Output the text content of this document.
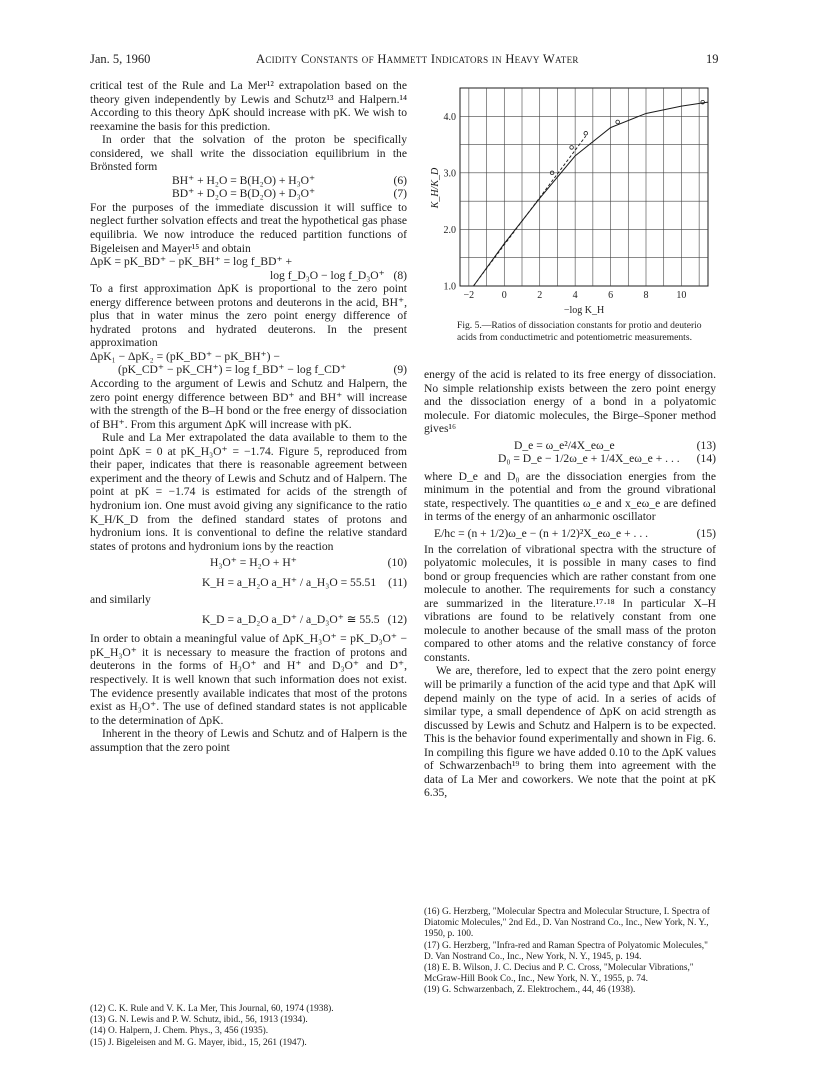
Jan. 5, 1960	Acidity Constants of Hammett Indicators in Heavy Water	19

critical test of the Rule and La Mer¹² extrapolation based on the theory given independently by Lewis and Schutz¹³ and Halpern.¹⁴ According to this theory ΔpK should increase with pK. We wish to reexamine the basis for this prediction.

In order that the solvation of the proton be specifically considered, we shall write the dissociation equilibrium in the Brönsted form

BH⁺ + H₂O = B(H₂O) + H₃O⁺	(6)
BD⁺ + D₂O = B(D₂O) + D₃O⁺	(7)

For the purposes of the immediate discussion it will suffice to neglect further solvation effects and treat the hypothetical gas phase equilibria. We now introduce the reduced partition functions of Bigeleisen and Mayer¹⁵ and obtain

ΔpK = pK_BD⁺ − pK_BH⁺ = log f_BD⁺ +
log f_D₃O − log f_D₃O⁺ (8)

To a first approximation ΔpK is proportional to the zero point energy difference between protons and deuterons in the acid, BH⁺, plus that in water minus the zero point energy difference of hydrated protons and hydrated deuterons. In the present approximation

ΔpK₁ − ΔpK₂ = (pK_BD⁺ − pK_BH⁺) −
(pK_CD⁺ − pK_CH⁺) = log f_BD⁺ − log f_CD⁺	(9)

According to the argument of Lewis and Schutz and Halpern, the zero point energy difference between BD⁺ and BH⁺ will increase with the strength of the B–H bond or the free energy of dissociation of BH⁺. From this argument ΔpK will increase with pK.

Rule and La Mer extrapolated the data available to them to the point ΔpK = 0 at pK_H₃O⁺ = −1.74. Figure 5, reproduced from their paper, indicates that there is reasonable agreement between experiment and the theory of Lewis and Schutz and of Halpern. The point at pK = −1.74 is estimated for acids of the strength of hydronium ion. One must avoid giving any significance to the ratio K_H/K_D from the defined standard states of protons and hydronium ions. It is conventional to define the relative standard states of protons and hydronium ions by the reaction

H₃O⁺ = H₂O + H⁺	(10)
K_H = a_H₂O a_H⁺ / a_H₃O = 55.51	(11)

and similarly

K_D = a_D₂O a_D⁺ / a_D₃O⁺ ≅ 55.5 (12)

In order to obtain a meaningful value of ΔpK_H₃O⁺ = pK_D₃O⁺ − pK_H₃O⁺ it is necessary to measure the fraction of protons and deuterons in the forms of H₃O⁺ and H⁺ and D₃O⁺ and D⁺, respectively. It is well known that such information does not exist. The evidence presently available indicates that most of the protons exist as H₃O⁺. The use of defined standard states is not applicable to the determination of ΔpK.

Inherent in the theory of Lewis and Schutz and of Halpern is the assumption that the zero point

(12) C. K. Rule and V. K. La Mer, This Journal, 60, 1974 (1938).

(13) G. N. Lewis and P. W. Schutz, ibid., 56, 1913 (1934).

(14) O. Halpern, J. Chem. Phys., 3, 456 (1935).

(15) J. Bigeleisen and M. G. Mayer, ibid., 15, 261 (1947).

−2	0	2	4	6	8	10
1.0
2.0
3.0
4.0
K_H/K_D
−log K_H
Fig. 5.—Ratios of dissociation constants for protio and deuterio acids from conductimetric and potentiometric measurements.

energy of the acid is related to its free energy of dissociation. No simple relationship exists between the zero point energy and the dissociation energy of a bond in a polyatomic molecule. For diatomic molecules, the Birge–Sponer method gives¹⁶

D_e = ω_e²/4X_eω_e	(13)
D₀ = D_e − 1/2ω_e + 1/4X_eω_e + . . .	(14)

where D_e and D₀ are the dissociation energies from the minimum in the potential and from the ground vibrational state, respectively. The quantities ω_e and x_eω_e are defined in terms of the energy of an anharmonic oscillator

E/hc = (n + 1/2)ω_e − (n + 1/2)²X_eω_e + . . .	(15)

In the correlation of vibrational spectra with the structure of polyatomic molecules, it is possible in many cases to find bond or group frequencies which are rather constant from one molecule to another. The requirements for such a constancy are summarized in the literature.¹⁷·¹⁸ In particular X–H vibrations are found to be relatively constant from one molecule to another because of the small mass of the proton compared to other atoms and the relative constancy of force constants.

We are, therefore, led to expect that the zero point energy will be primarily a function of the acid type and that ΔpK will depend mainly on the type of acid. In a series of acids of similar type, a small dependence of ΔpK on acid strength as discussed by Lewis and Schutz and Halpern is to be expected. This is the behavior found experimentally and shown in Fig. 6. In compiling this figure we have added 0.10 to the ΔpK values of Schwarzenbach¹⁹ to bring them into agreement with the data of La Mer and coworkers. We note that the point at pK 6.35,

(16) G. Herzberg, "Molecular Spectra and Molecular Structure, I. Spectra of Diatomic Molecules," 2nd Ed., D. Van Nostrand Co., Inc., New York, N. Y., 1950, p. 100.

(17) G. Herzberg, "Infra-red and Raman Spectra of Polyatomic Molecules," D. Van Nostrand Co., Inc., New York, N. Y., 1945, p. 194.

(18) E. B. Wilson, J. C. Decius and P. C. Cross, "Molecular Vibrations," McGraw-Hill Book Co., Inc., New York, N. Y., 1955, p. 74.

(19) G. Schwarzenbach, Z. Elektrochem., 44, 46 (1938).
